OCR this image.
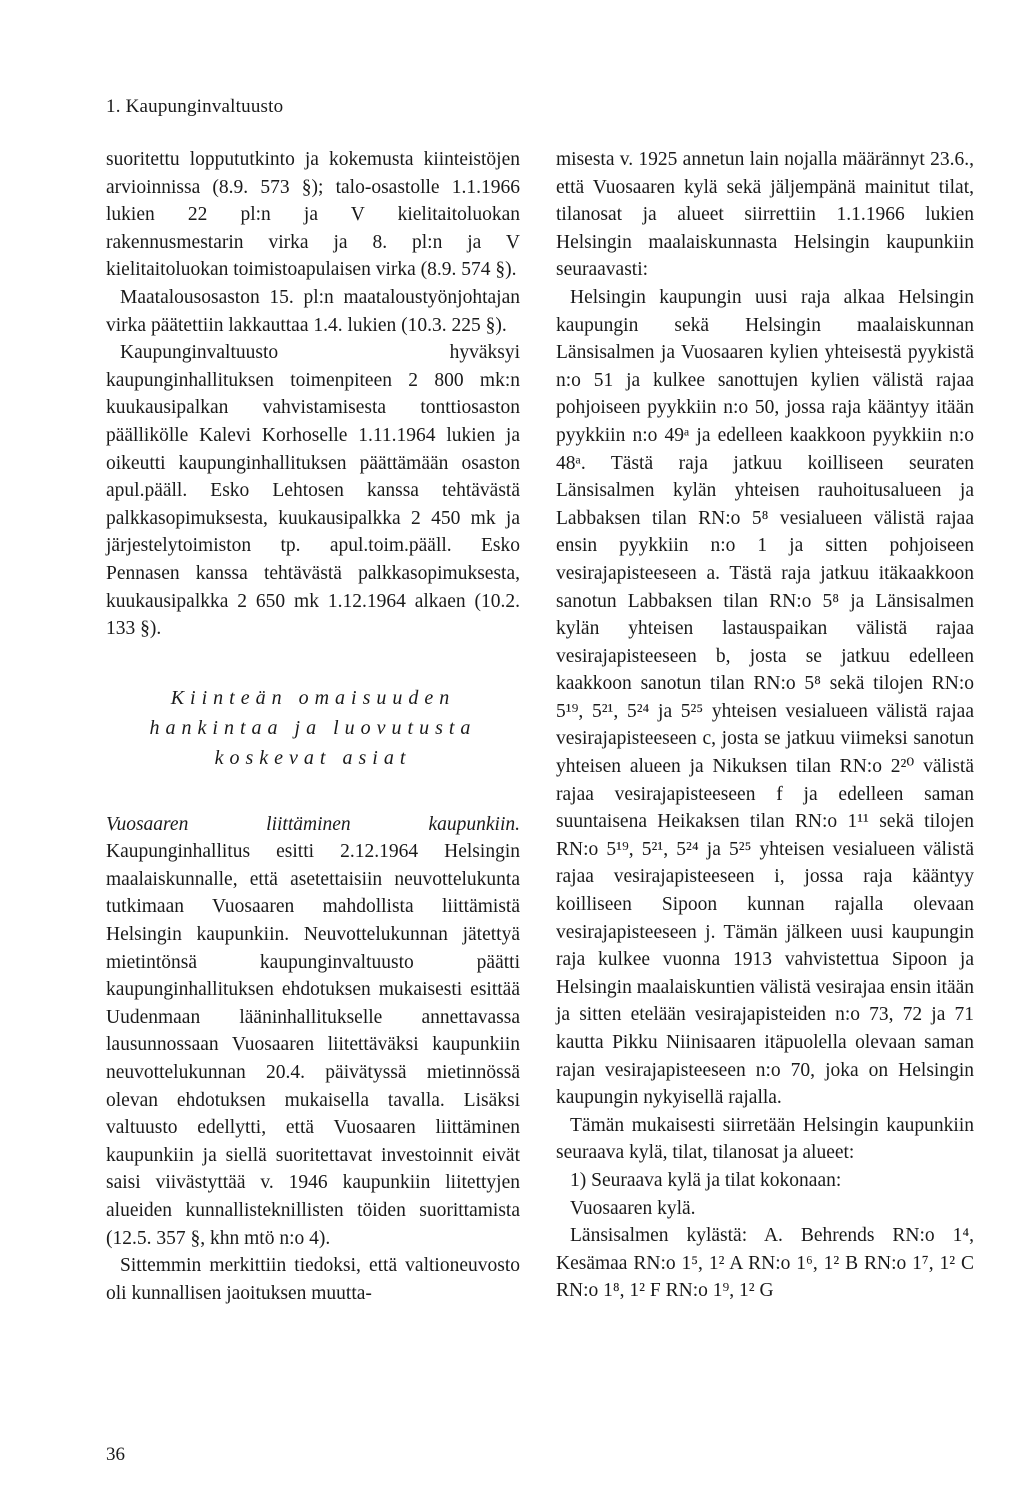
1. Kaupunginvaltuusto

suoritettu loppututkinto ja kokemusta kiinteistöjen arvioinnissa (8.9. 573 §); talo-osastolle 1.1.1966 lukien 22 pl:n ja V kielitaitoluokan rakennusmestarin virka ja 8. pl:n ja V kielitaitoluokan toimistoapulaisen virka (8.9. 574 §).

Maatalousosaston 15. pl:n maataloustyönjohtajan virka päätettiin lakkauttaa 1.4. lukien (10.3. 225 §).

Kaupunginvaltuusto hyväksyi kaupunginhallituksen toimenpiteen 2 800 mk:n kuukausipalkan vahvistamisesta tonttiosaston päällikölle Kalevi Korhoselle 1.11.1964 lukien ja oikeutti kaupunginhallituksen päättämään osaston apul.pääll. Esko Lehtosen kanssa tehtävästä palkkasopimuksesta, kuukausipalkka 2 450 mk ja järjestelytoimiston tp. apul.toim.pääll. Esko Pennasen kanssa tehtävästä palkkasopimuksesta, kuukausipalkka 2 650 mk 1.12.1964 alkaen (10.2. 133 §).

Kiinteän omaisuuden hankintaa ja luovutusta koskevat asiat

Vuosaaren liittäminen kaupunkiin. Kaupunginhallitus esitti 2.12.1964 Helsingin maalaiskunnalle, että asetettaisiin neuvottelukunta tutkimaan Vuosaaren mahdollista liittämistä Helsingin kaupunkiin. Neuvottelukunnan jätettyä mietintönsä kaupunginvaltuusto päätti kaupunginhallituksen ehdotuksen mukaisesti esittää Uudenmaan lääninhallitukselle annettavassa lausunnossaan Vuosaaren liitettäväksi kaupunkiin neuvottelukunnan 20.4. päivätyssä mietinnössä olevan ehdotuksen mukaisella tavalla. Lisäksi valtuusto edellytti, että Vuosaaren liittäminen kaupunkiin ja siellä suoritettavat investoinnit eivät saisi viivästyttää v. 1946 kaupunkiin liitettyjen alueiden kunnallisteknillisten töiden suorittamista (12.5. 357 §, khn mtö n:o 4).

Sittemmin merkittiin tiedoksi, että valtioneuvosto oli kunnallisen jaoituksen muutta-

misesta v. 1925 annetun lain nojalla määrännyt 23.6., että Vuosaaren kylä sekä jäljempänä mainitut tilat, tilanosat ja alueet siirrettiin 1.1.1966 lukien Helsingin maalaiskunnasta Helsingin kaupunkiin seuraavasti:

Helsingin kaupungin uusi raja alkaa Helsingin kaupungin sekä Helsingin maalaiskunnan Länsisalmen ja Vuosaaren kylien yhteisestä pyykistä n:o 51 ja kulkee sanottujen kylien välistä rajaa pohjoiseen pyykkiin n:o 50, jossa raja kääntyy itään pyykkiin n:o 49ᵃ ja edelleen kaakkoon pyykkiin n:o 48ᵃ. Tästä raja jatkuu koilliseen seuraten Länsisalmen kylän yhteisen rauhoitusalueen ja Labbaksen tilan RN:o 5⁸ vesialueen välistä rajaa ensin pyykkiin n:o 1 ja sitten pohjoiseen vesirajapisteeseen a. Tästä raja jatkuu itäkaakkoon sanotun Labbaksen tilan RN:o 5⁸ ja Länsisalmen kylän yhteisen lastauspaikan välistä rajaa vesirajapisteeseen b, josta se jatkuu edelleen kaakkoon sanotun tilan RN:o 5⁸ sekä tilojen RN:o 5¹⁹, 5²¹, 5²⁴ ja 5²⁵ yhteisen vesialueen välistä rajaa vesirajapisteeseen c, josta se jatkuu viimeksi sanotun yhteisen alueen ja Nikuksen tilan RN:o 2²⁰ välistä rajaa vesirajapisteeseen f ja edelleen saman suuntaisena Heikaksen tilan RN:o 1¹¹ sekä tilojen RN:o 5¹⁹, 5²¹, 5²⁴ ja 5²⁵ yhteisen vesialueen välistä rajaa vesirajapisteeseen i, jossa raja kääntyy koilliseen Sipoon kunnan rajalla olevaan vesirajapisteeseen j. Tämän jälkeen uusi kaupungin raja kulkee vuonna 1913 vahvistettua Sipoon ja Helsingin maalaiskuntien välistä vesirajaa ensin itään ja sitten etelään vesirajapisteiden n:o 73, 72 ja 71 kautta Pikku Niinisaaren itäpuolella olevaan saman rajan vesirajapisteeseen n:o 70, joka on Helsingin kaupungin nykyisellä rajalla.

Tämän mukaisesti siirretään Helsingin kaupunkiin seuraava kylä, tilat, tilanosat ja alueet:

1) Seuraava kylä ja tilat kokonaan:

Vuosaaren kylä.

Länsisalmen kylästä: A. Behrends RN:o 1⁴, Kesämaa RN:o 1⁵, 1² A RN:o 1⁶, 1² B RN:o 1⁷, 1² C RN:o 1⁸, 1² F RN:o 1⁹, 1² G

36
